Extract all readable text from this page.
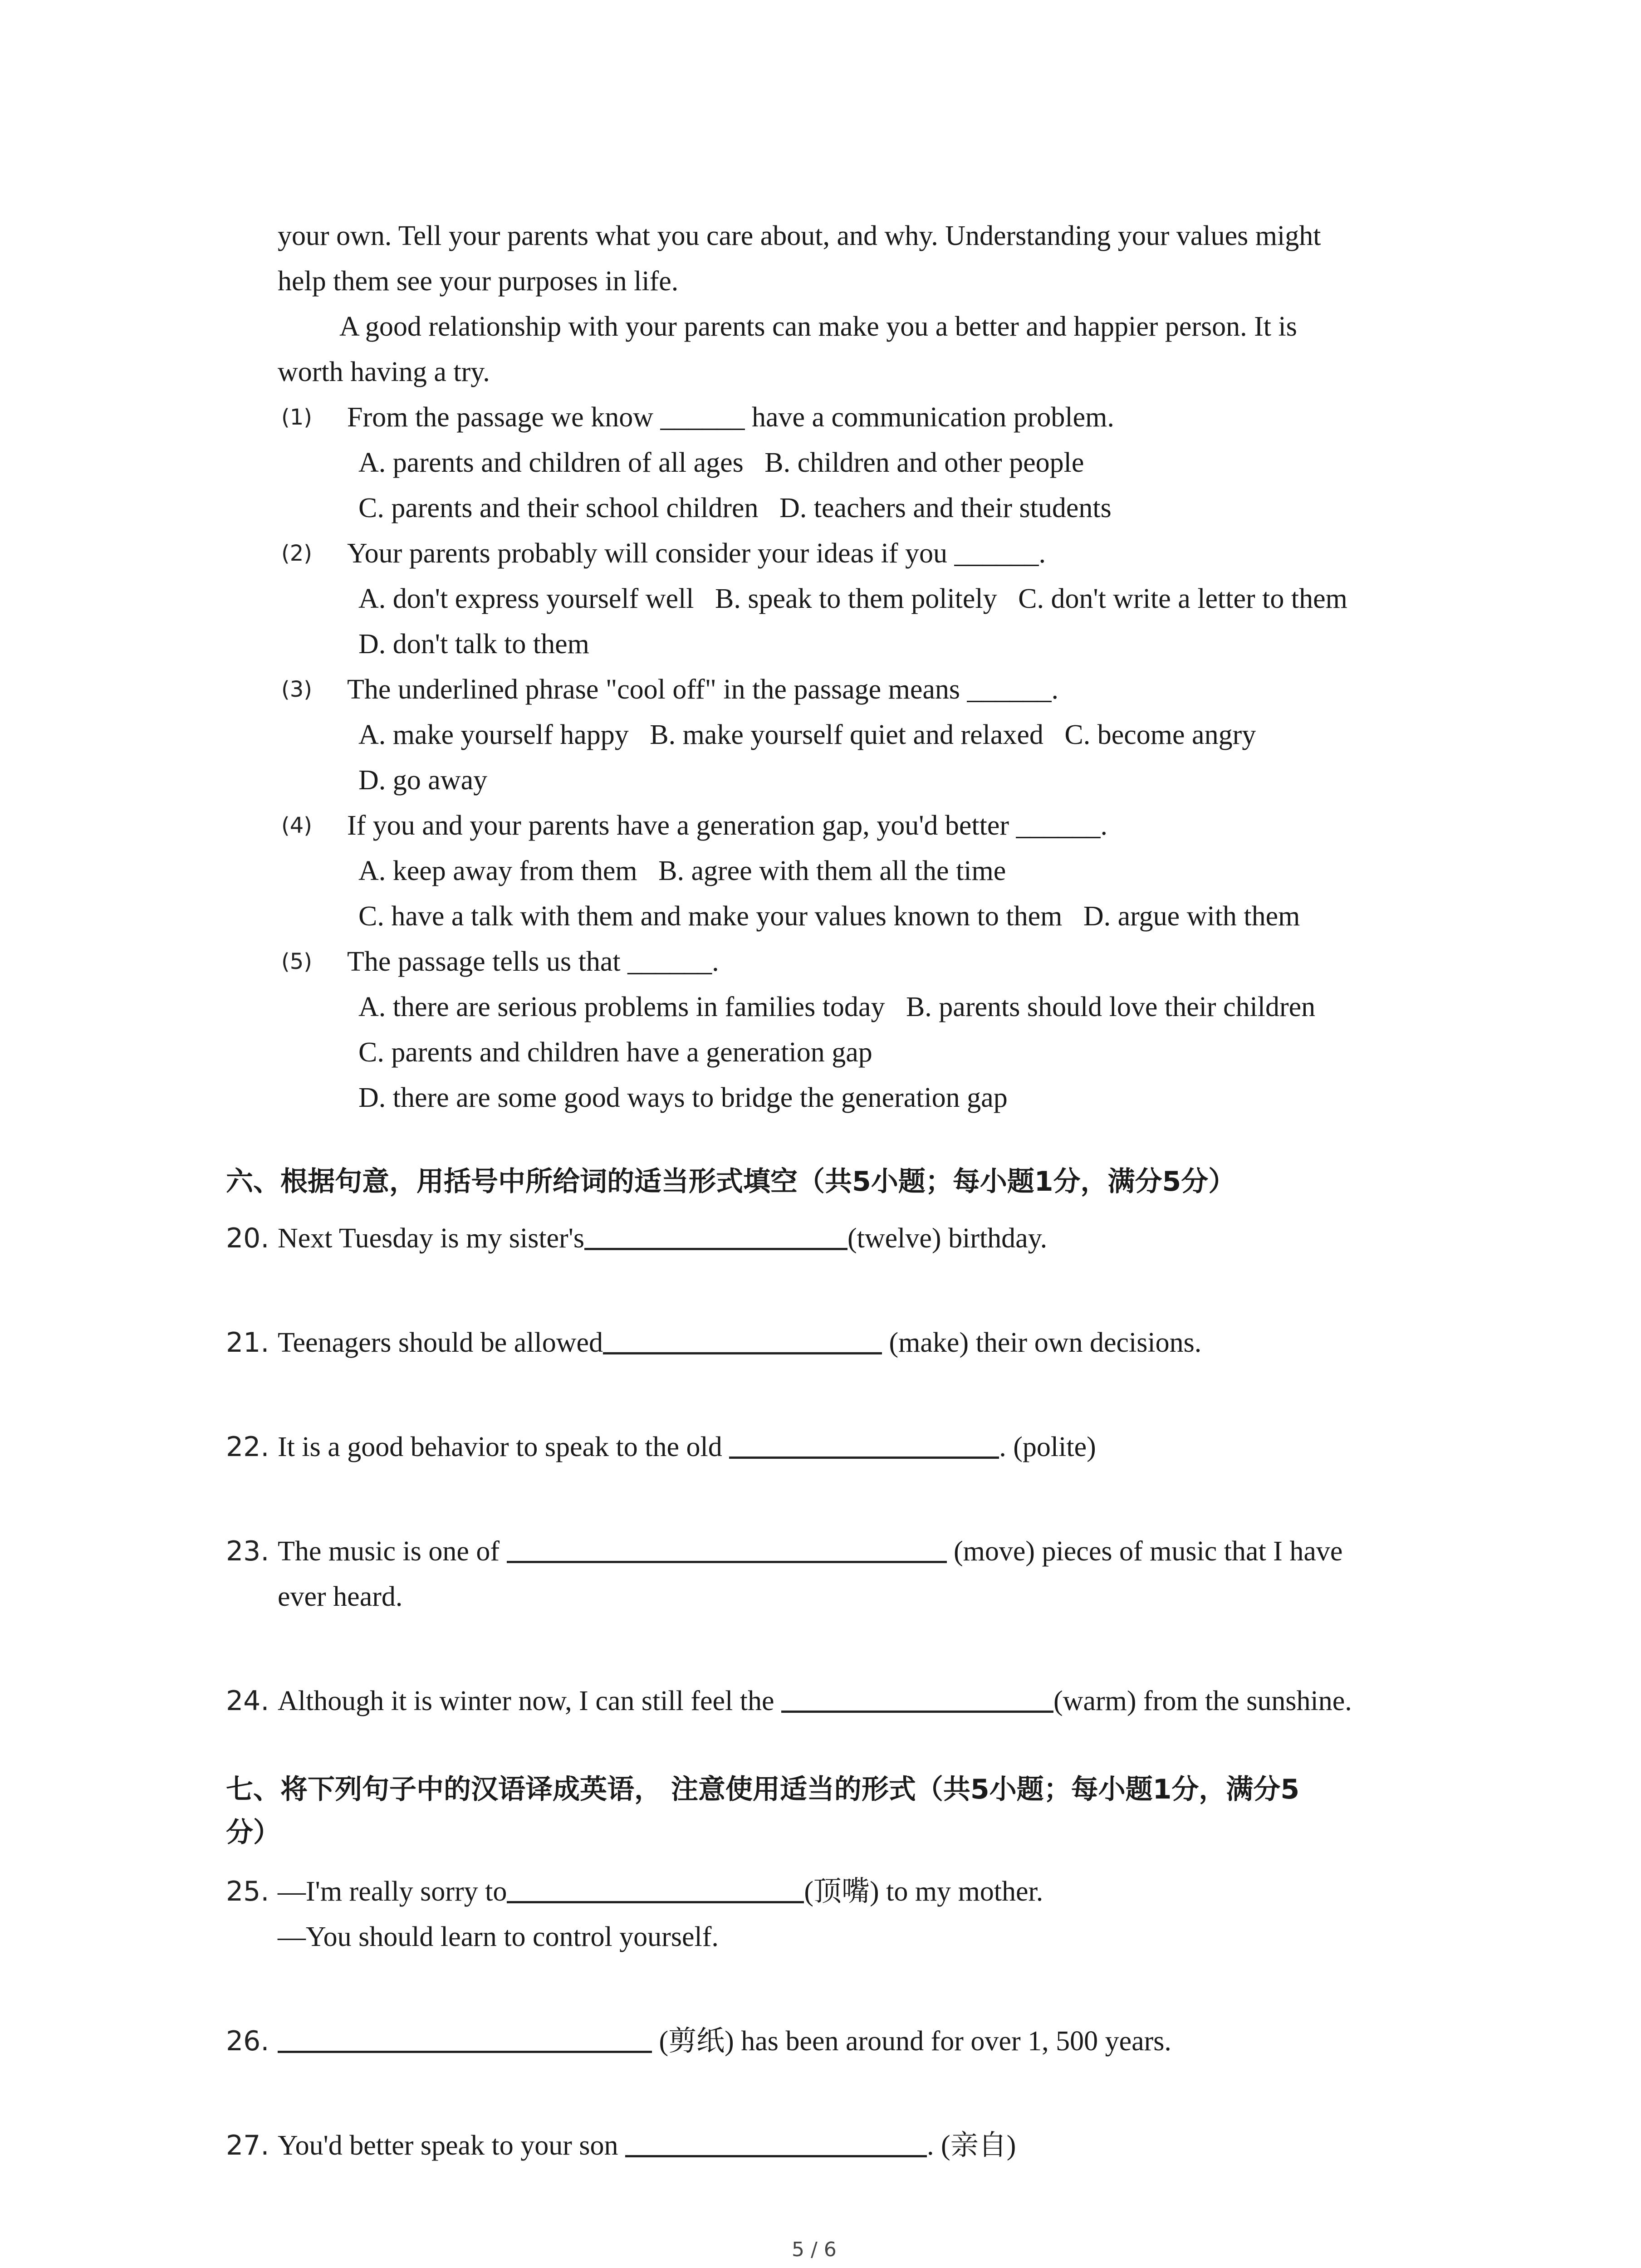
your own. Tell your parents what you care about, and why. Understanding your values might
help them see your purposes in life.
A good relationship with your parents can make you a better and happier person. It is
worth having a try.
(1) From the passage we know ______ have a communication problem.
A. parents and children of all ages   B. children and other people
C. parents and their school children   D. teachers and their students
(2) Your parents probably will consider your ideas if you ______.
A. don't express yourself well   B. speak to them politely   C. don't write a letter to them
D. don't talk to them
(3) The underlined phrase "cool off" in the passage means ______.
A. make yourself happy   B. make yourself quiet and relaxed   C. become angry
D. go away
(4) If you and your parents have a generation gap, you'd better ______.
A. keep away from them   B. agree with them all the time
C. have a talk with them and make your values known to them   D. argue with them
(5) The passage tells us that ______.
A. there are serious problems in families today   B. parents should love their children
C. parents and children have a generation gap
D. there are some good ways to bridge the generation gap
六、根据句意，用括号中所给词的适当形式填空（共5小题；每小题1分，满分5分）
20. Next Tuesday is my sister's	(twelve) birthday.
21. Teenagers should be allowed	(make) their own decisions.
22. It is a good behavior to speak to the old	. (polite)
23. The music is one of	(move) pieces of music that I have
ever heard.
24. Although it is winter now, I can still feel the	(warm) from the sunshine.
七、将下列句子中的汉语译成英语， 注意使用适当的形式（共5小题；每小题1分，满分5
分）
25. —I'm really sorry to	(顶嘴) to my mother.
—You should learn to control yourself.
26.	(剪纸) has been around for over 1, 500 years.
27. You'd better speak to your son	. (亲自)
5 / 6
